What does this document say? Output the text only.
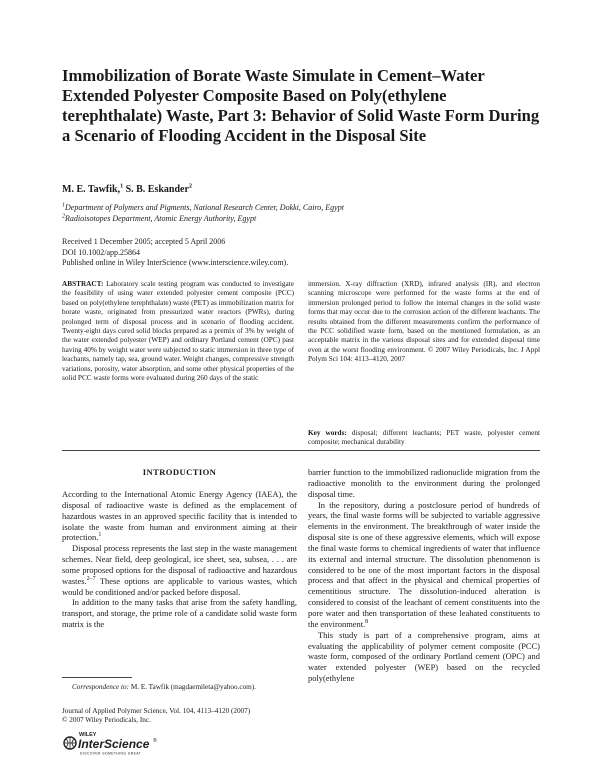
Immobilization of Borate Waste Simulate in Cement–Water Extended Polyester Composite Based on Poly(ethylene terephthalate) Waste, Part 3: Behavior of Solid Waste Form During a Scenario of Flooding Accident in the Disposal Site
M. E. Tawfik,$^1$ S. B. Eskander$^2$
$^1$Department of Polymers and Pigments, National Research Center, Dokki, Cairo, Egypt
$^2$Radioisotopes Department, Atomic Energy Authority, Egypt
Received 1 December 2005; accepted 5 April 2006
DOI 10.1002/app.25864
Published online in Wiley InterScience (www.interscience.wiley.com).
ABSTRACT: Laboratory scale testing program was conducted to investigate the feasibility of using water extended polyester cement composite (PCC) based on poly(ethylene terephthalate) waste (PET) as immobilization matrix for borate waste, originated from pressurized water reactors (PWRs), during prolonged term of disposal process and in scenario of flooding accident. Twenty-eight days cured solid blocks prepared as a premix of 3% by weight of the water extended polyester (WEP) and ordinary Portland cement (OPC) past having 40% by weight water were subjected to static immersion in three type of leachants, namely tap, sea, ground water. Weight changes, compressive strength variations, porosity, water absorption, and some other physical properties of the solid PCC waste forms were evaluated during 260 days of the static
immersion. X-ray diffraction (XRD), infrared analysis (IR), and electron scanning microscope were performed for the waste forms at the end of immersion prolonged period to follow the internal changes in the solid waste forms that may occur due to the corrosion action of the different leachants. The results obtained from the different measurements confirm the performance of the PCC solidified waste form, based on the mentioned formulation, as an acceptable matrix in the various disposal sites and for extended disposal time even at the worst flooding environment. © 2007 Wiley Periodicals, Inc. J Appl Polym Sci 104: 4113–4120, 2007
Key words: disposal; different leachants; PET waste, polyester cement composite; mechanical durability
INTRODUCTION

According to the International Atomic Energy Agency (IAEA), the disposal of radioactive waste is defined as the emplacement of hazardous wastes in an approved specific facility that is intended to isolate the waste from human and environment aiming at their protection.$^1$

Disposal process represents the last step in the waste management schemes. Near field, deep geological, ice sheet, sea, subsea, . . . are some proposed options for the disposal of radioactive and hazardous wastes.$^{2-7}$ These options are applicable to various wastes, which would be conditioned and/or packed before disposal.

In addition to the many tasks that arise from the safety handling, transport, and storage, the prime role of a candidate solid waste form matrix is the

barrier function to the immobilized radionuclide migration from the radioactive monolith to the environment during the prolonged disposal time.

In the repository, during a postclosure period of hundreds of years, the final waste forms will be subjected to variable aggressive elements in the environment. The breakthrough of water inside the disposal site is one of these aggressive elements, which will expose the final waste forms to chemical ingredients of water that influence its external and internal structure. The dissolution phenomenon is considered to be one of the most important factors in the disposal process and that affect in the physical and chemical properties of cementitious structure. The dissolution-induced alteration is considered to consist of the leachant of cement constituents into the pore water and then transportation of these leahated constituents to the environment.$^8$

This study is part of a comprehensive program, aims at evaluating the applicability of polymer cement composite (PCC) waste form, composed of the ordinary Portland cement (OPC) and water extended polyester (WEP) based on the recycled poly(ethylene

Correspondence to: M. E. Tawfik (magdaemileta@yahoo.com).
Journal of Applied Polymer Science, Vol. 104, 4113–4120 (2007)
© 2007 Wiley Periodicals, Inc.
WILEY
InterScience ®
DISCOVER SOMETHING GREAT
